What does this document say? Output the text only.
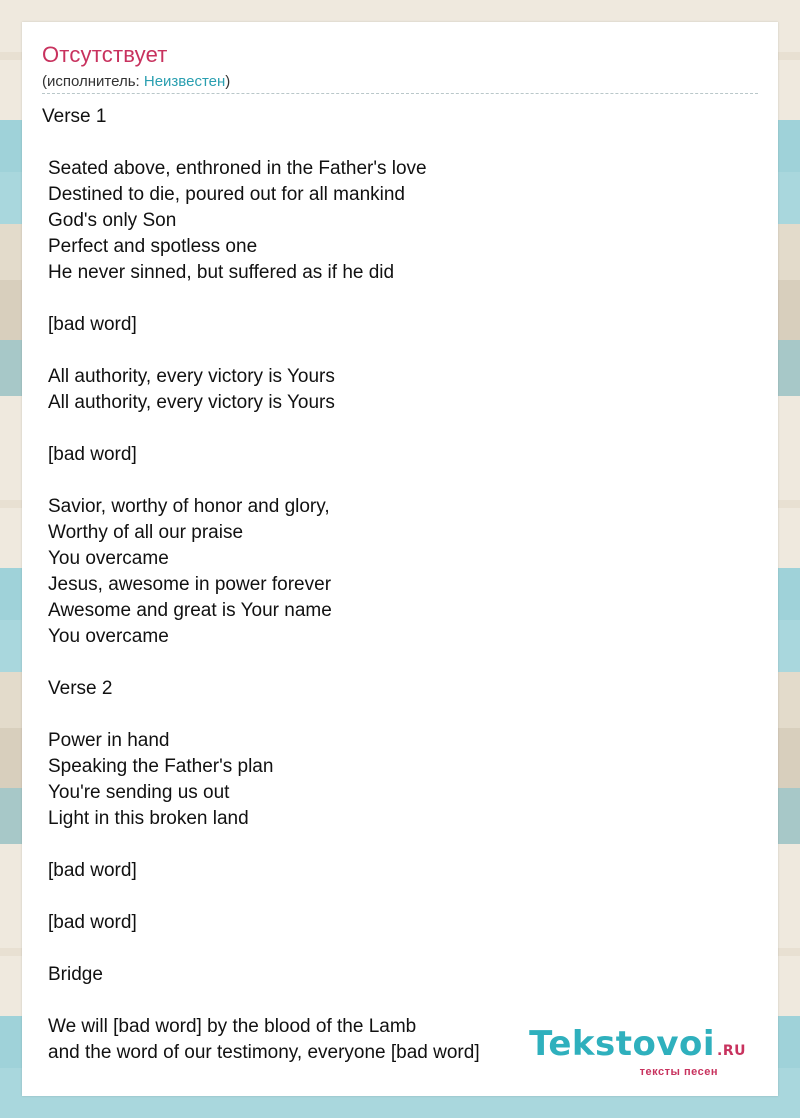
Отсутствует
(исполнитель: Неизвестен)
Verse 1
Seated above, enthroned in the Father's love
Destined to die, poured out for all mankind
God's only Son
Perfect and spotless one
He never sinned, but suffered as if he did
[bad word]
All authority, every victory is Yours
All authority, every victory is Yours
[bad word]
Savior, worthy of honor and glory,
Worthy of all our praise
You overcame
Jesus, awesome in power forever
Awesome and great is Your name
You overcame
Verse 2
Power in hand
Speaking the Father's plan
You're sending us out
Light in this broken land
[bad word]
[bad word]
Bridge
We will [bad word] by the blood of the Lamb
and the word of our testimony, everyone [bad word]	Tekstovoi .RU
тексты песен
